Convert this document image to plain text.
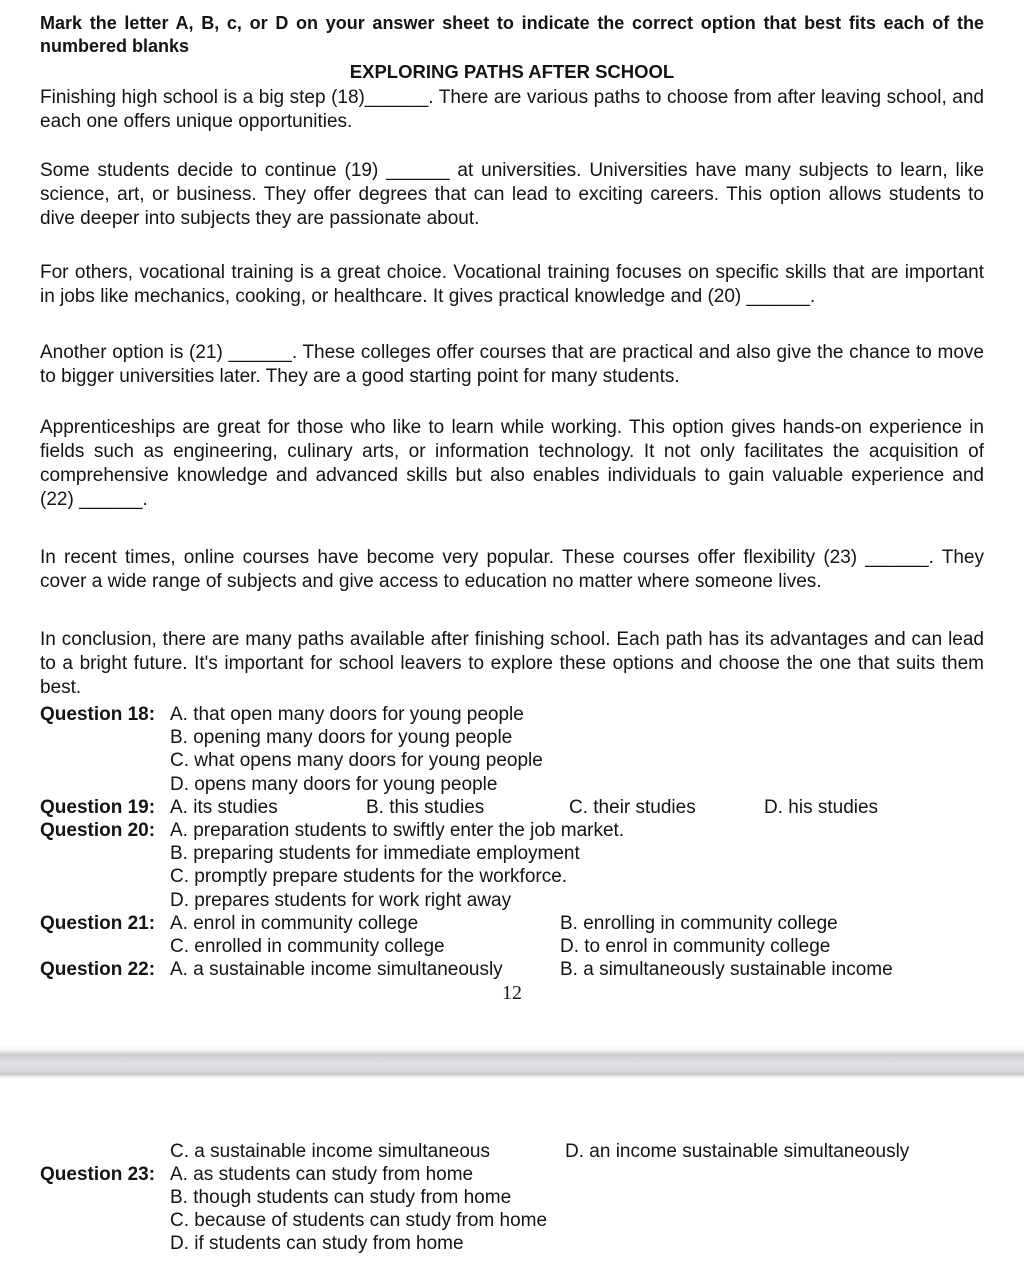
Mark the letter A, B, c, or D on your answer sheet to indicate the correct option that best fits each of the numbered blanks
EXPLORING PATHS AFTER SCHOOL

Finishing high school is a big step (18)______. There are various paths to choose from after leaving school, and each one offers unique opportunities.

Some students decide to continue (19) ______ at universities. Universities have many subjects to learn, like science, art, or business. They offer degrees that can lead to exciting careers. This option allows students to dive deeper into subjects they are passionate about.

For others, vocational training is a great choice. Vocational training focuses on specific skills that are important in jobs like mechanics, cooking, or healthcare. It gives practical knowledge and (20) ______.

Another option is (21) ______. These colleges offer courses that are practical and also give the chance to move to bigger universities later. They are a good starting point for many students.

Apprenticeships are great for those who like to learn while working. This option gives hands-on experience in fields such as engineering, culinary arts, or information technology. It not only facilitates the acquisition of comprehensive knowledge and advanced skills but also enables individuals to gain valuable experience and (22) ______.

In recent times, online courses have become very popular. These courses offer flexibility (23) ______. They cover a wide range of subjects and give access to education no matter where someone lives.

In conclusion, there are many paths available after finishing school. Each path has its advantages and can lead to a bright future. It's important for school leavers to explore these options and choose the one that suits them best.

Question 18: A. that open many doors for young people
B. opening many doors for young people
C. what opens many doors for young people
D. opens many doors for young people
Question 19: A. its studies	B. this studies	C. their studies	D. his studies
Question 20: A. preparation students to swiftly enter the job market.
B. preparing students for immediate employment
C. promptly prepare students for the workforce.
D. prepares students for work right away
Question 21: A. enrol in community college	B. enrolling in community college
C. enrolled in community college	D. to enrol in community college
Question 22: A. a sustainable income simultaneously	B. a simultaneously sustainable income
12
C. a sustainable income simultaneous	D. an income sustainable simultaneously
Question 23: A. as students can study from home
B. though students can study from home
C. because of students can study from home
D. if students can study from home
